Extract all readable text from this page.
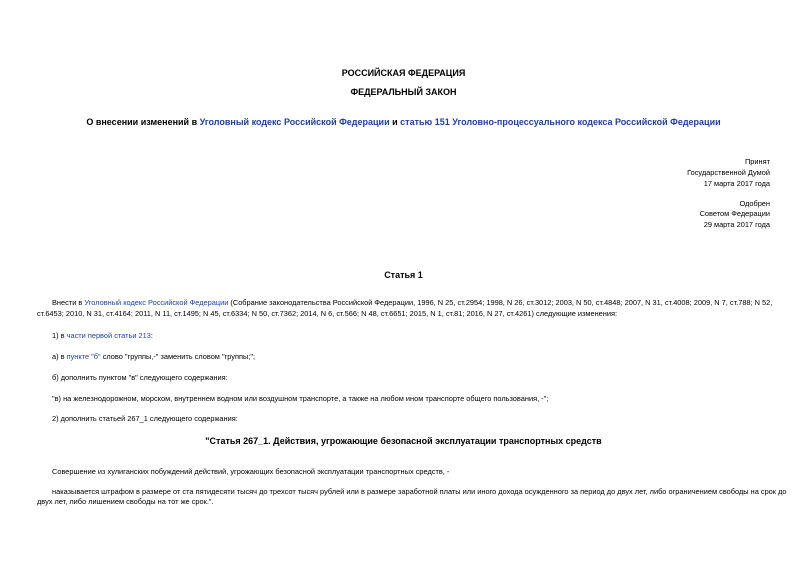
РОССИЙСКАЯ ФЕДЕРАЦИЯ
ФЕДЕРАЛЬНЫЙ ЗАКОН
О внесении изменений в Уголовный кодекс Российской Федерации и статью 151 Уголовно-процессуального кодекса Российской Федерации
Принят
Государственной Думой
17 марта 2017 года
Одобрен
Советом Федерации
29 марта 2017 года
Статья 1
Внести в Уголовный кодекс Российской Федерации (Собрание законодательства Российской Федерации, 1996, N 25, ст.2954; 1998, N 26, ст.3012; 2003, N 50, ст.4848; 2007, N 31, ст.4008; 2009, N 7, ст.788; N 52,
ст.6453; 2010, N 31, ст.4164; 2011, N 11, ст.1495; N 45, ст.6334; N 50, ст.7362; 2014, N 6, ст.566; N 48, ст.6651; 2015, N 1, ст.81; 2016, N 27, ст.4261) следующие изменения:
1) в части первой статьи 213:
а) в пункте "б" слово "группы,-" заменить словом "группы;";
б) дополнить пунктом "в" следующего содержания:
"в) на железнодорожном, морском, внутреннем водном или воздушном транспорте, а также на любом ином транспорте общего пользования, -";
2) дополнить статьей 267_1 следующего содержания:
"Статья 267_1. Действия, угрожающие безопасной эксплуатации транспортных средств
Совершение из хулиганских побуждений действий, угрожающих безопасной эксплуатации транспортных средств, -
наказывается штрафом в размере от ста пятидесяти тысяч до трехсот тысяч рублей или в размере заработной платы или иного дохода осужденного за период до двух лет, либо ограничением свободы на срок до
двух лет, либо лишением свободы на тот же срок.".
